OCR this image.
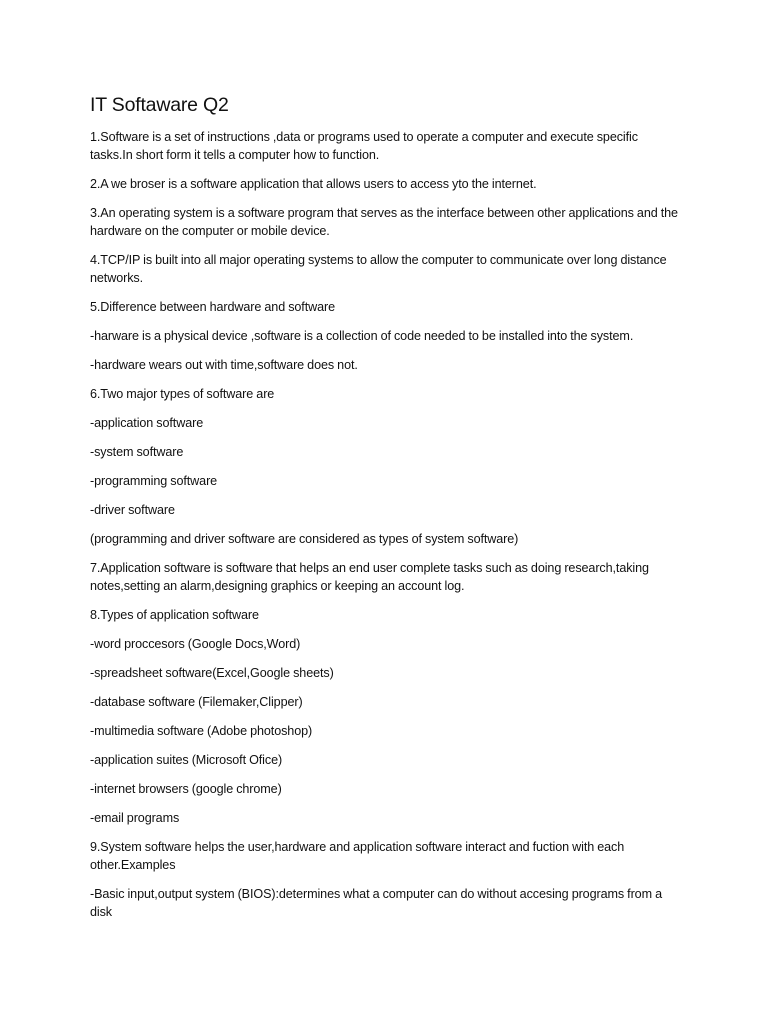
IT Softaware Q2

1.Software is a set of instructions ,data or programs used to operate a computer and execute specific tasks.In short form it tells a computer how to function.

2.A we broser is a software application that allows users to access yto the internet.

3.An operating system is a software program that serves as the interface between other applications and the hardware on the computer or mobile device.

4.TCP/IP is built into all major operating systems to allow the computer to communicate over long distance networks.

5.Difference between hardware and software

-harware is a physical device ,software is a collection of code needed to be installed into the system.

-hardware wears out with time,software does not.

6.Two major types of software are

-application software

-system software

-programming software

-driver software

(programming and driver software are considered as types of system software)

7.Application software is software that helps an end user complete tasks such as doing research,taking notes,setting an alarm,designing graphics or keeping an account log.

8.Types of application software

-word proccesors (Google Docs,Word)

-spreadsheet software(Excel,Google sheets)

-database software (Filemaker,Clipper)

-multimedia software (Adobe photoshop)

-application suites (Microsoft Ofice)

-internet browsers (google chrome)

-email programs

9.System software helps the user,hardware and application software interact and fuction with each other.Examples

-Basic input,output system (BIOS):determines what a computer can do without accesing programs from a disk
